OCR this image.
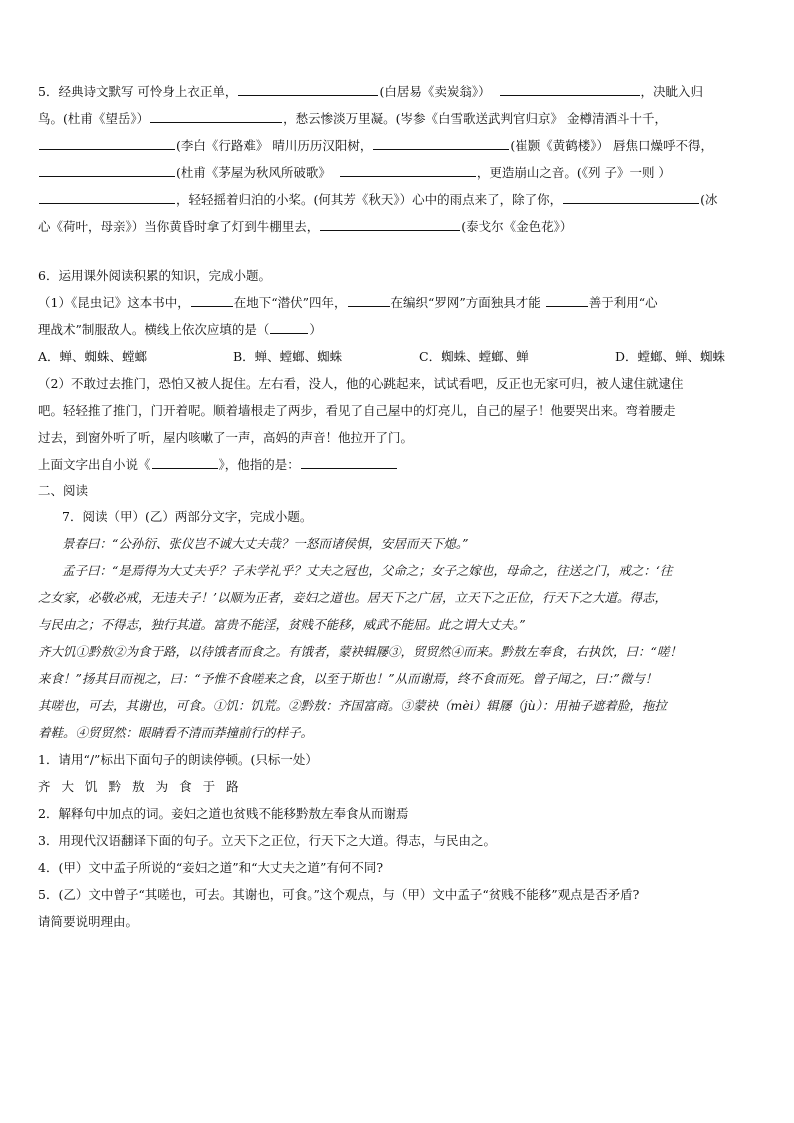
5．经典诗文默写 可怜身上衣正单，	(白居易《卖炭翁》）	，决眦入归
鸟。(杜甫《望岳》）	，愁云惨淡万里凝。(岑参《白雪歌送武判官归京》 金樽清酒斗十千，
(李白《行路难》 晴川历历汉阳树，	(崔颢《黄鹤楼》） 唇焦口燥呼不得，
(杜甫《茅屋为秋风所破歌》	，更造崩山之音。(《列 子》一则 ）
，轻轻摇着归泊的小桨。(何其芳《秋天》）心中的雨点来了，除了你，	(冰
心《荷叶，母亲》）当你黄昏时拿了灯到牛棚里去，	(泰戈尔《金色花》）
6．运用课外阅读积累的知识，完成小题。
（1）《昆虫记》这本书中，	在地下“潜伏”四年，	在编织“罗网”方面独具才能	善于利用“心
理战术”制服敌人。横线上依次应填的是（	）
A．蝉、蜘蛛、螳螂	B．蝉、螳螂、蜘蛛	C．蜘蛛、螳螂、蝉	D．螳螂、蝉、蜘蛛
（2）不敢过去推门，恐怕又被人捉住。左右看，没人，他的心跳起来，试试看吧，反正也无家可归，被人逮住就逮住
吧。轻轻推了推门，门开着呢。顺着墙根走了两步，看见了自己屋中的灯亮儿，自己的屋子！他要哭出来。弯着腰走
过去，到窗外听了听，屋内咳嗽了一声，高妈的声音！他拉开了门。
上面文字出自小说《	》，他指的是：
二、阅读
7．阅读（甲）(乙）两部分文字，完成小题。
景春曰：“公孙衍、张仪岂不诚大丈夫哉？一怒而诸侯惧，安居而天下熄。”
孟子曰：“是焉得为大丈夫乎？子未学礼乎？丈夫之冠也，父命之；女子之嫁也，母命之，往送之门，戒之：‘往
之女家，必敬必戒，无违夫子！’以顺为正者，妾妇之道也。居天下之广居，立天下之正位，行天下之大道。得志，
与民由之；不得志，独行其道。富贵不能淫，贫贱不能移，威武不能屈。此之谓大丈夫。”
齐大饥①黔敖②为食于路，以待饿者而食之。有饿者，蒙袂辑屦③，贸贸然④而来。黔敖左奉食，右执饮，曰：“嗟！
来食！”扬其目而视之，曰：“予惟不食嗟来之食，以至于斯也！”从而谢焉，终不食而死。曾子闻之，曰：”微与！
其嗟也，可去，其谢也，可食。①饥：饥荒。②黔敖：齐国富商。③蒙袂（mèi）辑屦（jù）：用袖子遮着脸，拖拉
着鞋。④贸贸然：眼睛看不清而莽撞前行的样子。
1．请用“/”标出下面句子的朗读停顿。(只标一处）
齐 大 饥 黔 敖 为 食 于 路
2．解释句中加点的词。妾妇之道也贫贱不能移黔敖左奉食从而谢焉
3．用现代汉语翻译下面的句子。立天下之正位，行天下之大道。得志，与民由之。
4．(甲）文中孟子所说的“妾妇之道”和“大丈夫之道”有何不同?
5．(乙）文中曾子“其嗟也，可去。其谢也，可食。”这个观点，与（甲）文中孟子“贫贱不能移”观点是否矛盾?
请简要说明理由。
